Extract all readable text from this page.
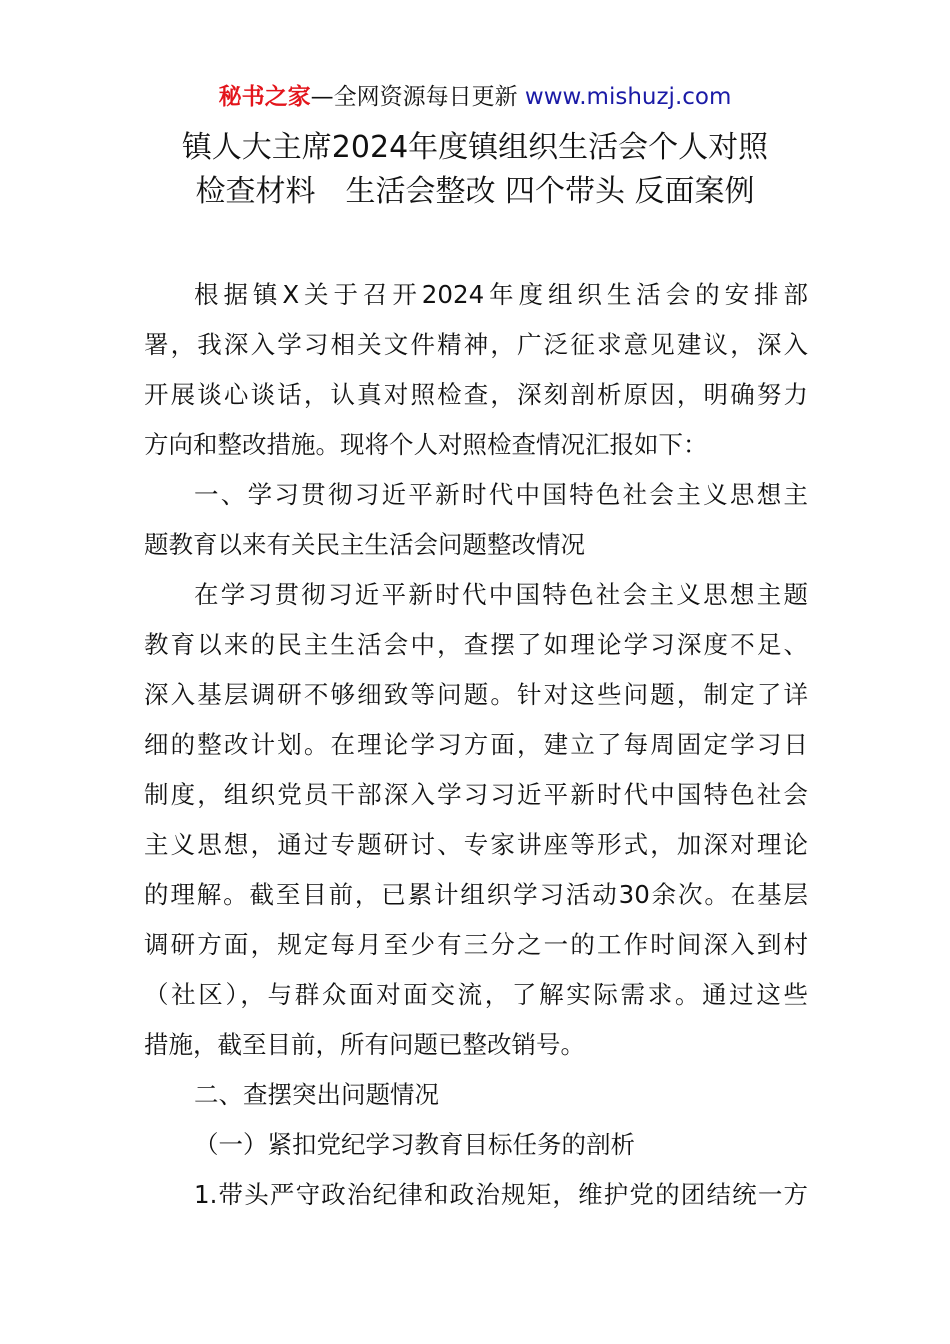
秘书之家—全网资源每日更新 www.mishuzj.com
镇人大主席2024年度镇组织生活会个人对照
检查材料　生活会整改 四个带头 反面案例
根据镇X关于召开2024年度组织生活会的安排部
署，我深入学习相关文件精神，广泛征求意见建议，深入
开展谈心谈话，认真对照检查，深刻剖析原因，明确努力
方向和整改措施。现将个人对照检查情况汇报如下：
一、学习贯彻习近平新时代中国特色社会主义思想主
题教育以来有关民主生活会问题整改情况
在学习贯彻习近平新时代中国特色社会主义思想主题
教育以来的民主生活会中，查摆了如理论学习深度不足、
深入基层调研不够细致等问题。针对这些问题，制定了详
细的整改计划。在理论学习方面，建立了每周固定学习日
制度，组织党员干部深入学习习近平新时代中国特色社会
主义思想，通过专题研讨、专家讲座等形式，加深对理论
的理解。截至目前，已累计组织学习活动30余次。在基层
调研方面，规定每月至少有三分之一的工作时间深入到村
（社区），与群众面对面交流，了解实际需求。通过这些
措施，截至目前，所有问题已整改销号。
二、查摆突出问题情况
（一）紧扣党纪学习教育目标任务的剖析
1.带头严守政治纪律和政治规矩，维护党的团结统一方
